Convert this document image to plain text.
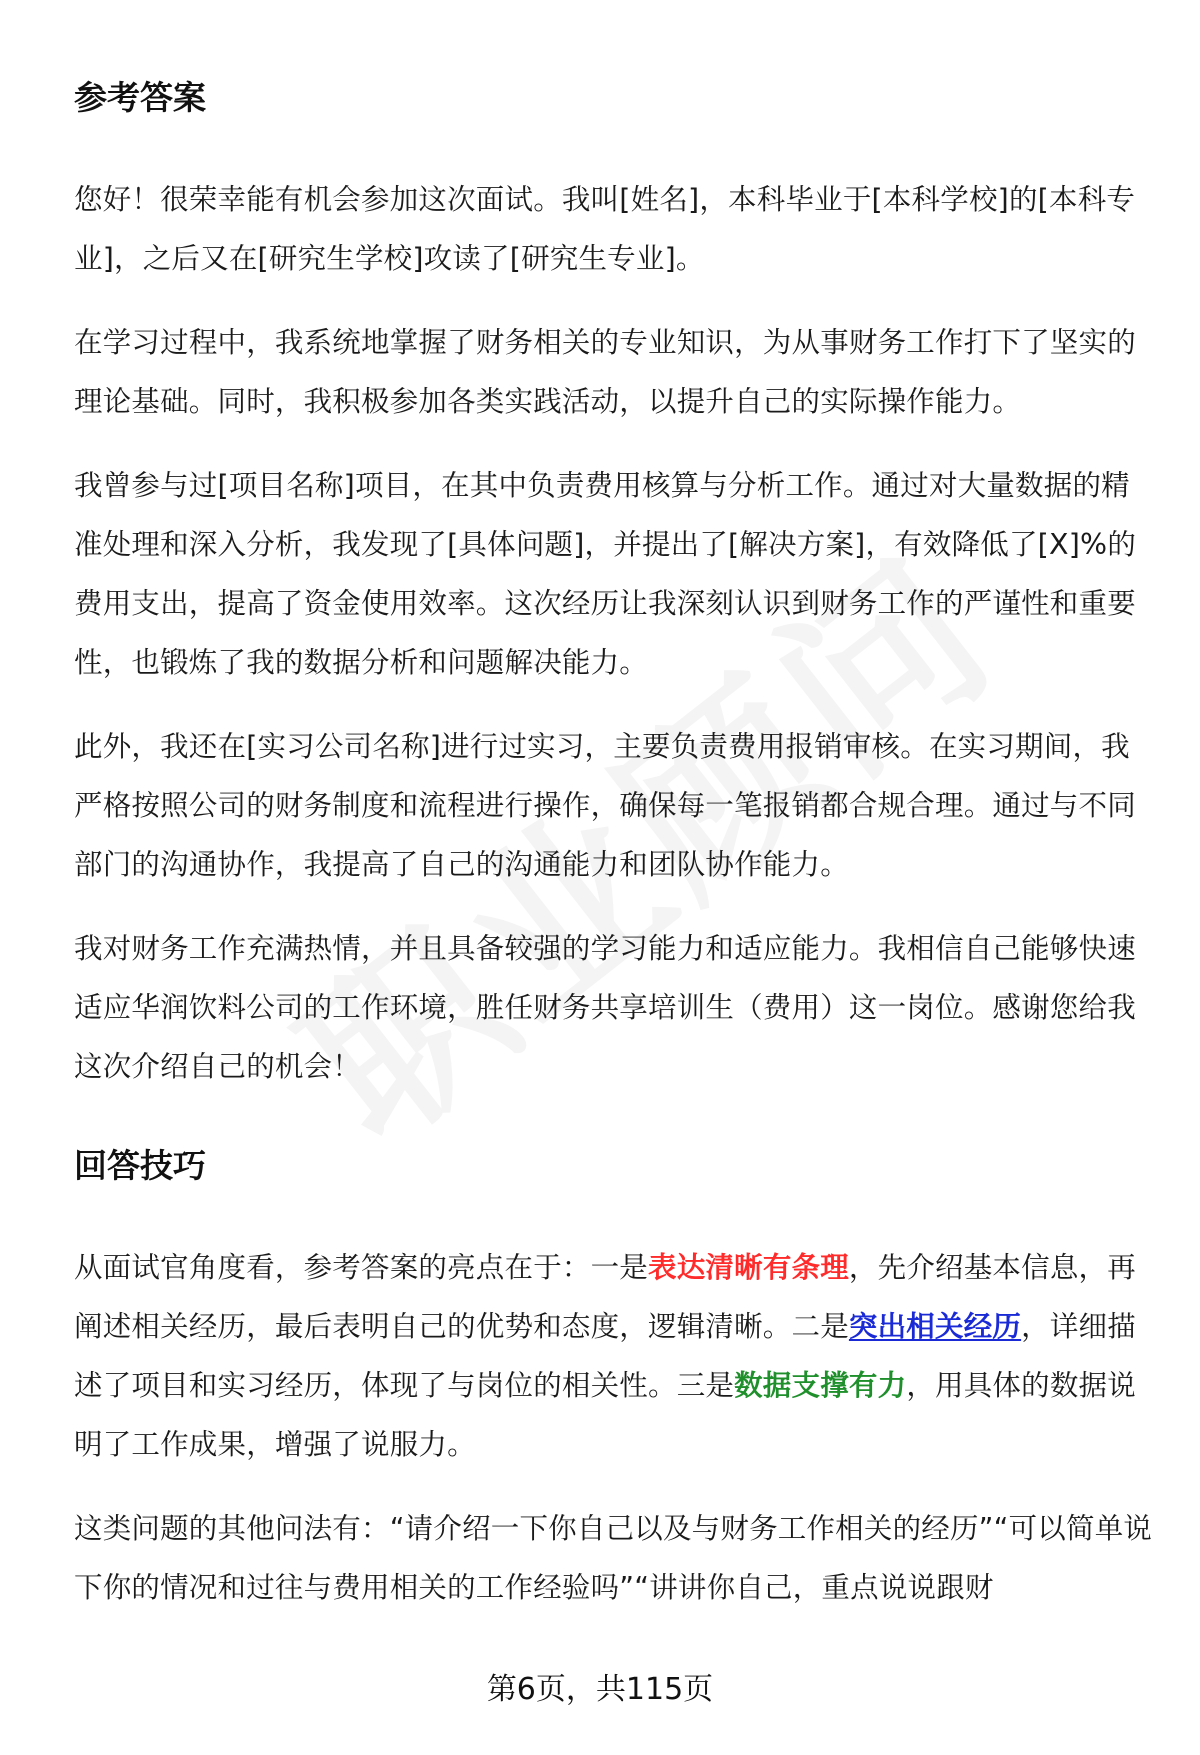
参考答案

您好！很荣幸能有机会参加这次面试。我叫[姓名]，本科毕业于[本科学校]的[本科专业]，之后又在[研究生学校]攻读了[研究生专业]。

在学习过程中，我系统地掌握了财务相关的专业知识，为从事财务工作打下了坚实的理论基础。同时，我积极参加各类实践活动，以提升自己的实际操作能力。

我曾参与过[项目名称]项目，在其中负责费用核算与分析工作。通过对大量数据的精准处理和深入分析，我发现了[具体问题]，并提出了[解决方案]，有效降低了[X]%的费用支出，提高了资金使用效率。这次经历让我深刻认识到财务工作的严谨性和重要性，也锻炼了我的数据分析和问题解决能力。

此外，我还在[实习公司名称]进行过实习，主要负责费用报销审核。在实习期间，我严格按照公司的财务制度和流程进行操作，确保每一笔报销都合规合理。通过与不同部门的沟通协作，我提高了自己的沟通能力和团队协作能力。

我对财务工作充满热情，并且具备较强的学习能力和适应能力。我相信自己能够快速适应华润饮料公司的工作环境，胜任财务共享培训生（费用）这一岗位。感谢您给我这次介绍自己的机会！

回答技巧

从面试官角度看，参考答案的亮点在于：一是表达清晰有条理，先介绍基本信息，再阐述相关经历，最后表明自己的优势和态度，逻辑清晰。二是突出相关经历，详细描述了项目和实习经历，体现了与岗位的相关性。三是数据支撑有力，用具体的数据说明了工作成果，增强了说服力。

这类问题的其他问法有：“请介绍一下你自己以及与财务工作相关的经历”“可以简单说下你的情况和过往与费用相关的工作经验吗”“讲讲你自己，重点说说跟财

第6页，共115页
